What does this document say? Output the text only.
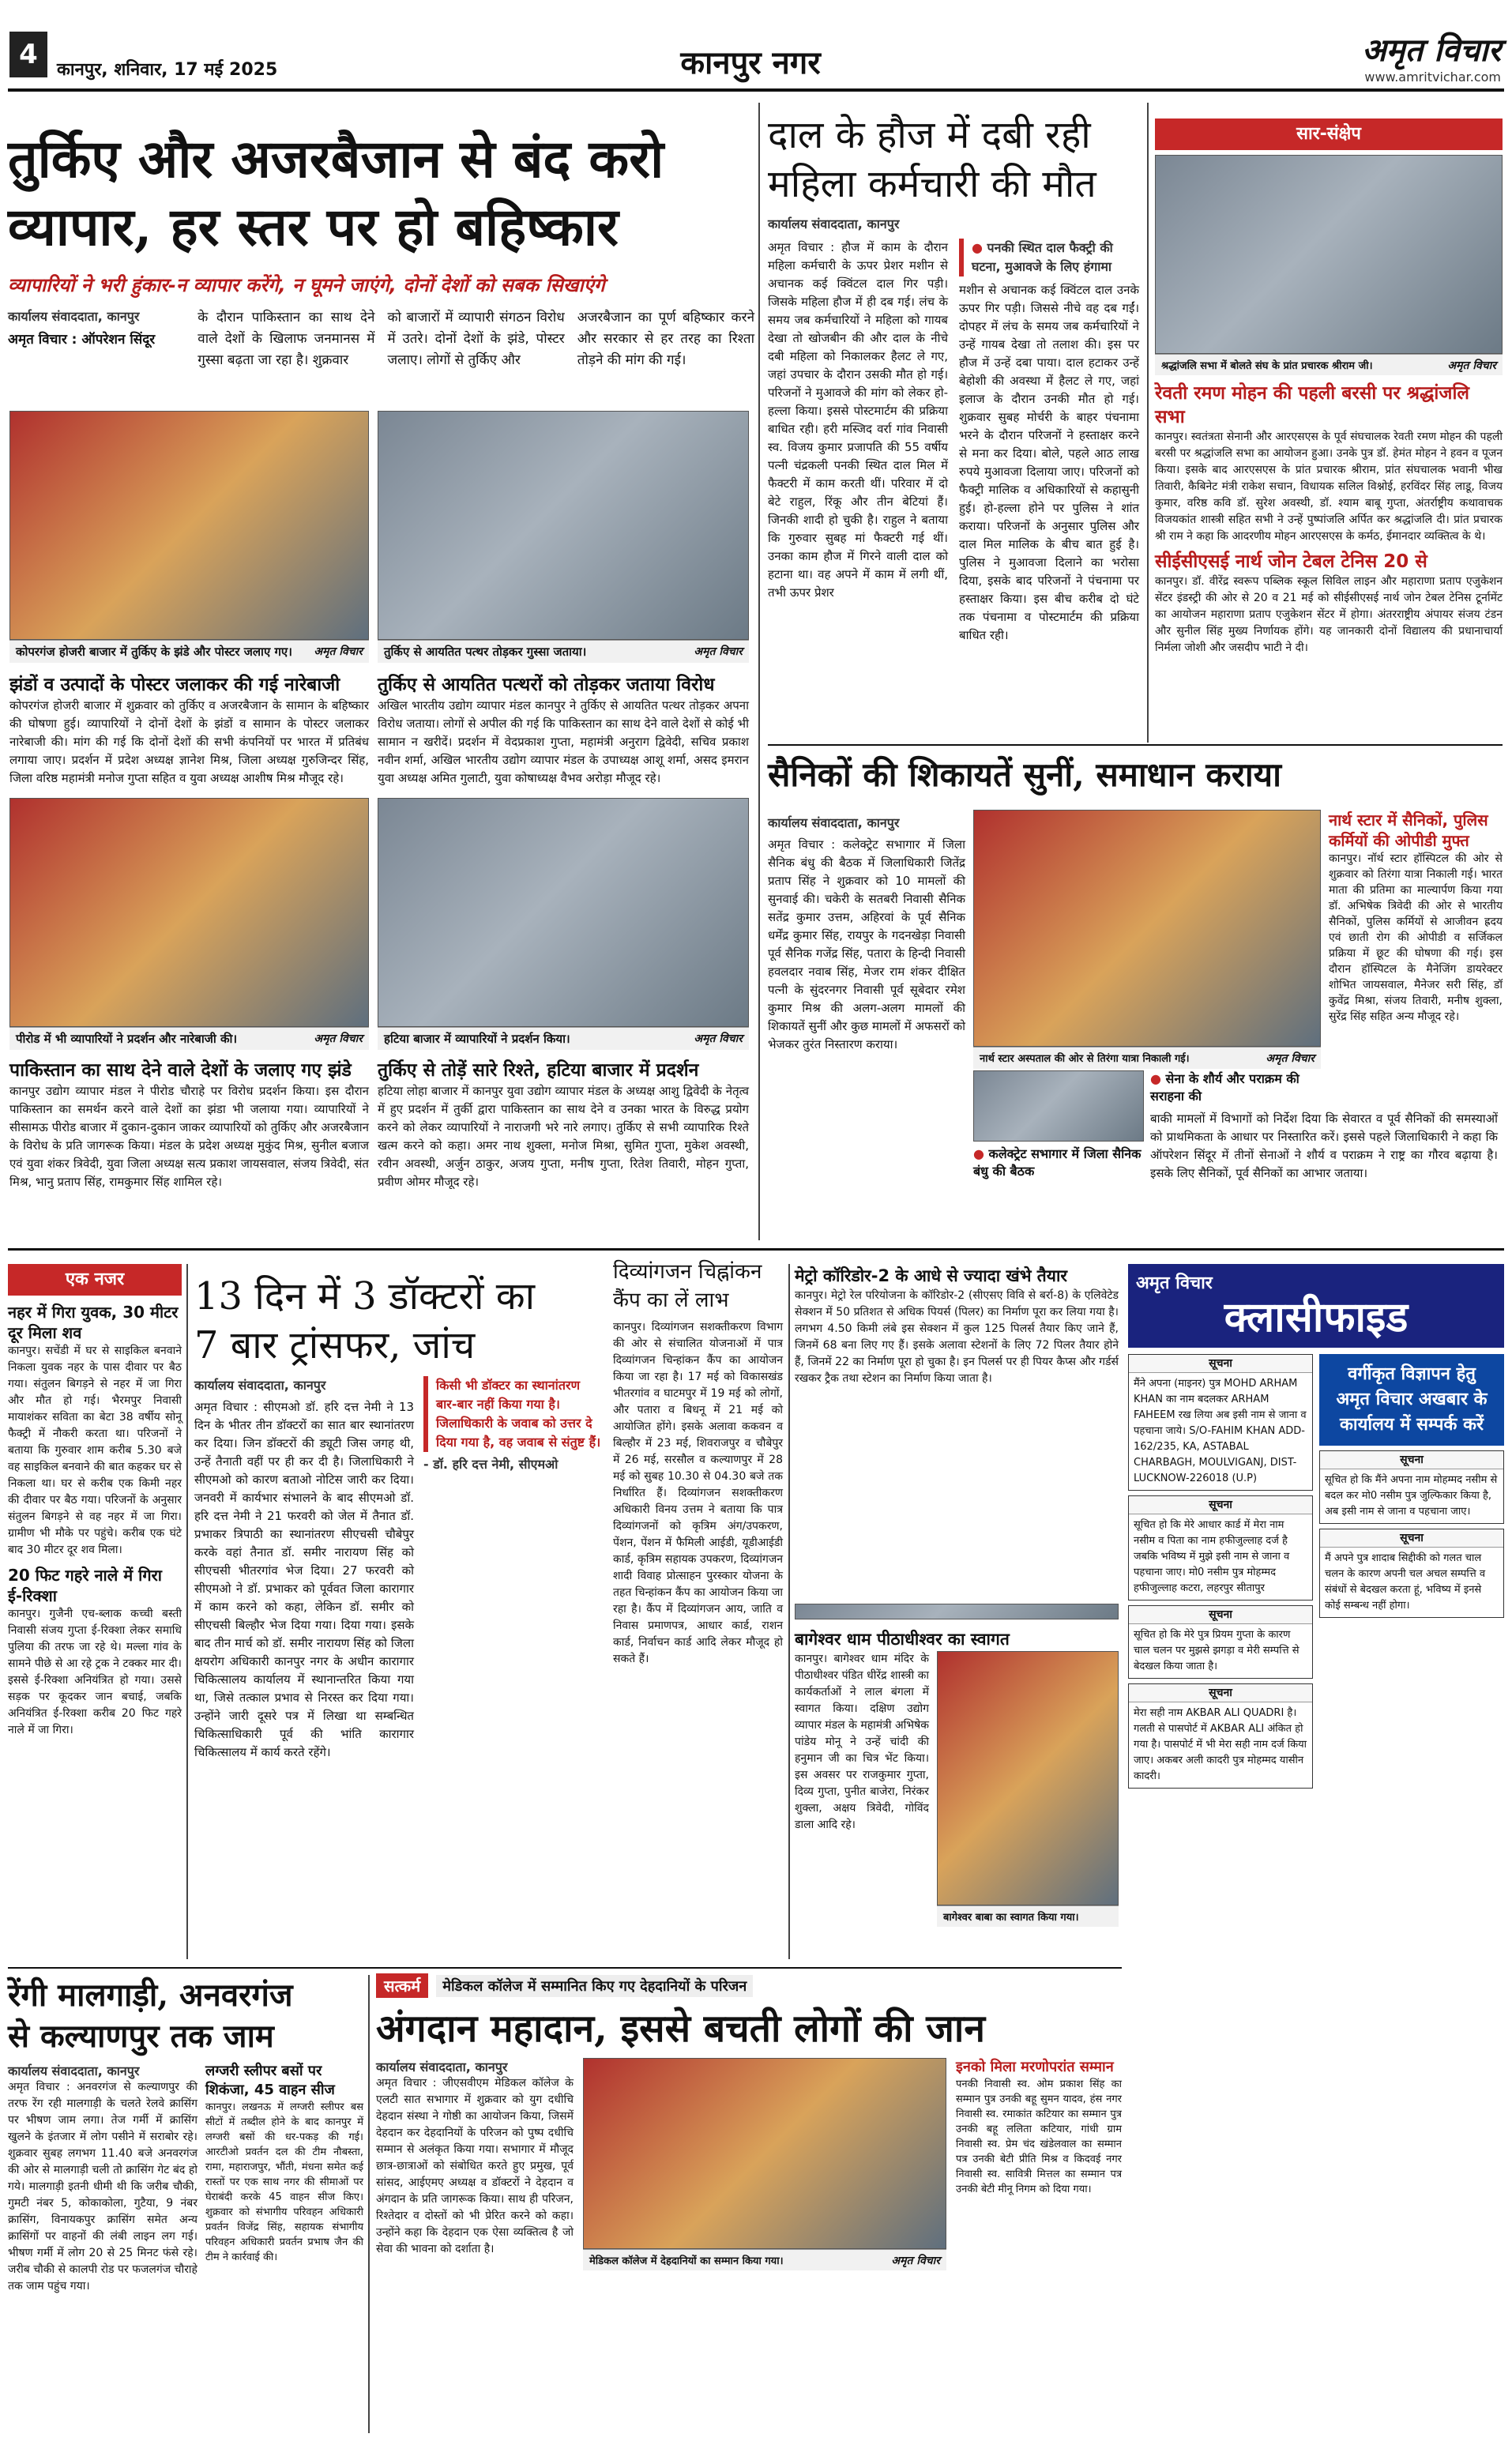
4	कानपुर, शनिवार, 17 मई 2025	कानपुर नगर	अमृत विचार
www.amritvichar.com
तुर्किए और अजरबैजान से बंद करो
व्यापार, हर स्तर पर हो बहिष्कार
व्यापारियों ने भरी हुंकार-न व्यापार करेंगे, न घूमने जाएंगे, दोनों देशों को सबक सिखाएंगे
कार्यालय संवाददाता, कानपुर
अमृत विचार : ऑपरेशन सिंदूर
के दौरान पाकिस्तान का साथ देने वाले देशों के खिलाफ जनमानस में गुस्सा बढ़ता जा रहा है। शुक्रवार
को बाजारों में व्यापारी संगठन विरोध में उतरे। दोनों देशों के झंडे, पोस्टर जलाए। लोगों से तुर्किए और
अजरबैजान का पूर्ण बहिष्कार करने और सरकार से हर तरह का रिश्ता तोड़ने की मांग की गई।
अमृत विचार
कोपरगंज होजरी बाजार में तुर्किए के झंडे और पोस्टर जलाए गए।	अमृत विचार
तुर्किए से आयतित पत्थर तोड़कर गुस्सा जताया।
झंडों व उत्पादों के पोस्टर जलाकर की गई नारेबाजी
कोपरगंज होजरी बाजार में शुक्रवार को तुर्किए व अजरबैजान के सामान के बहिष्कार की घोषणा हुई। व्यापारियों ने दोनों देशों के झंडों व सामान के पोस्टर जलाकर नारेबाजी की। मांग की गई कि दोनों देशों की सभी कंपनियों पर भारत में प्रतिबंध लगाया जाए। प्रदर्शन में प्रदेश अध्यक्ष ज्ञानेश मिश्र, जिला अध्यक्ष गुरुजिन्दर सिंह, जिला वरिष्ठ महामंत्री मनोज गुप्ता सहित व युवा अध्यक्ष आशीष मिश्र मौजूद रहे।
तुर्किए से आयतित पत्थरों को तोड़कर जताया विरोध
अखिल भारतीय उद्योग व्यापार मंडल कानपुर ने तुर्किए से आयतित पत्थर तोड़कर अपना विरोध जताया। लोगों से अपील की गई कि पाकिस्तान का साथ देने वाले देशों से कोई भी सामान न खरीदें। प्रदर्शन में वेदप्रकाश गुप्ता, महामंत्री अनुराग द्विवेदी, सचिव प्रकाश नवीन शर्मा, अखिल भारतीय उद्योग व्यापार मंडल के उपाध्यक्ष आशू शर्मा, असद इमरान युवा अध्यक्ष अमित गुलाटी, युवा कोषाध्यक्ष वैभव अरोड़ा मौजूद रहे।
अमृत विचार
पीरोड में भी व्यापारियों ने प्रदर्शन और नारेबाजी की।	अमृत विचार
हटिया बाजार में व्यापारियों ने प्रदर्शन किया।
पाकिस्तान का साथ देने वाले देशों के जलाए गए झंडे
कानपुर उद्योग व्यापार मंडल ने पीरोड चौराहे पर विरोध प्रदर्शन किया। इस दौरान पाकिस्तान का समर्थन करने वाले देशों का झंडा भी जलाया गया। व्यापारियों ने सीसामऊ पीरोड बाजार में दुकान-दुकान जाकर व्यापारियों को तुर्किए और अजरबैजान के विरोध के प्रति जागरूक किया। मंडल के प्रदेश अध्यक्ष मुकुंद मिश्र, सुनील बजाज एवं युवा शंकर त्रिवेदी, युवा जिला अध्यक्ष सत्य प्रकाश जायसवाल, संजय त्रिवेदी, संत मिश्र, भानु प्रताप सिंह, रामकुमार सिंह शामिल रहे।
तुर्किए से तोड़ें सारे रिश्ते, हटिया बाजार में प्रदर्शन
हटिया लोहा बाजार में कानपुर युवा उद्योग व्यापार मंडल के अध्यक्ष आशु द्विवेदी के नेतृत्व में हुए प्रदर्शन में तुर्की द्वारा पाकिस्तान का साथ देने व उनका भारत के विरुद्ध प्रयोग करने को लेकर व्यापारियों ने नाराजगी भरे नारे लगाए। तुर्किए से सभी व्यापारिक रिश्ते खत्म करने को कहा। अमर नाथ शुक्ला, मनोज मिश्रा, सुमित गुप्ता, मुकेश अवस्थी, रवीन अवस्थी, अर्जुन ठाकुर, अजय गुप्ता, मनीष गुप्ता, रितेश तिवारी, मोहन गुप्ता, प्रवीण ओमर मौजूद रहे।
दाल के हौज में दबी रही
महिला कर्मचारी की मौत
कार्यालय संवाददाता, कानपुर
अमृत विचार : हौज में काम के दौरान महिला कर्मचारी के ऊपर प्रेशर मशीन से अचानक कई क्विंटल दाल गिर पड़ी। जिसके महिला हौज में ही दब गई। लंच के समय जब कर्मचारियों ने महिला को गायब देखा तो खोजबीन की और दाल के नीचे दबी महिला को निकालकर हैलट ले गए, जहां उपचार के दौरान उसकी मौत हो गई। परिजनों ने मुआवजे की मांग को लेकर हो-हल्ला किया। इससे पोस्टमार्टम की प्रक्रिया बाधित रही। हरी मस्जिद वर्रा गांव निवासी स्व. विजय कुमार प्रजापति की 55 वर्षीय पत्नी चंद्रकली पनकी स्थित दाल मिल में फैक्टरी में काम करती थीं। परिवार में दो बेटे राहुल, रिंकू और तीन बेटियां हैं। जिनकी शादी हो चुकी है। राहुल ने बताया कि गुरुवार सुबह मां फैक्टरी गई थीं। उनका काम हौज में गिरने वाली दाल को हटाना था। वह अपने में काम में लगी थीं, तभी ऊपर प्रेशर
● पनकी स्थित दाल फैक्ट्री की घटना, मुआवजे के लिए हंगामा
मशीन से अचानक कई क्विंटल दाल उनके ऊपर गिर पड़ी। जिससे नीचे वह दब गईं। दोपहर में लंच के समय जब कर्मचारियों ने उन्हें गायब देखा तो तलाश की। इस पर हौज में उन्हें दबा पाया। दाल हटाकर उन्हें बेहोशी की अवस्था में हैलट ले गए, जहां इलाज के दौरान उनकी मौत हो गई। शुक्रवार सुबह मोर्चरी के बाहर पंचनामा भरने के दौरान परिजनों ने हस्ताक्षर करने से मना कर दिया। बोले, पहले आठ लाख रुपये मुआवजा दिलाया जाए। परिजनों को फैक्ट्री मालिक व अधिकारियों से कहासुनी हुई। हो-हल्ला होने पर पुलिस ने शांत कराया। परिजनों के अनुसार पुलिस और दाल मिल मालिक के बीच बात हुई है। पुलिस ने मुआवजा दिलाने का भरोसा दिया, इसके बाद परिजनों ने पंचनामा पर हस्ताक्षर किया। इस बीच करीब दो घंटे तक पंचनामा व पोस्टमार्टम की प्रक्रिया बाधित रही।
सार-संक्षेप
अमृत विचार
श्रद्धांजलि सभा में बोलते संघ के प्रांत प्रचारक श्रीराम जी।
रेवती रमण मोहन की पहली बरसी पर श्रद्धांजलि सभा
कानपुर। स्वतंत्रता सेनानी और आरएसएस के पूर्व संघचालक रेवती रमण मोहन की पहली बरसी पर श्रद्धांजलि सभा का आयोजन हुआ। उनके पुत्र डॉ. हेमंत मोहन ने हवन व पूजन किया। इसके बाद आरएसएस के प्रांत प्रचारक श्रीराम, प्रांत संघचालक भवानी भीख तिवारी, कैबिनेट मंत्री राकेश सचान, विधायक सलिल विश्नोई, हरविंदर सिंह लाडू, विजय कुमार, वरिष्ठ कवि डॉ. सुरेश अवस्थी, डॉ. श्याम बाबू गुप्ता, अंतर्राष्ट्रीय कथावाचक विजयकांत शास्त्री सहित सभी ने उन्हें पुष्पांजलि अर्पित कर श्रद्धांजलि दी। प्रांत प्रचारक श्री राम ने कहा कि आदरणीय मोहन आरएसएस के कर्मठ, ईमानदार व्यक्तित्व के थे।
सीईसीएसई नार्थ जोन टेबल टेनिस 20 से
कानपुर। डॉ. वीरेंद्र स्वरूप पब्लिक स्कूल सिविल लाइन और महाराणा प्रताप एजुकेशन सेंटर इंडस्ट्री की ओर से 20 व 21 मई को सीईसीएसई नार्थ जोन टेबल टेनिस टूर्नामेंट का आयोजन महाराणा प्रताप एजुकेशन सेंटर में होगा। अंतरराष्ट्रीय अंपायर संजय टंडन और सुनील सिंह मुख्य निर्णायक होंगे। यह जानकारी दोनों विद्यालय की प्रधानाचार्या निर्मला जोशी और जसदीप भाटी ने दी।
सैनिकों की शिकायतें सुनीं, समाधान कराया
कार्यालय संवाददाता, कानपुर
अमृत विचार : कलेक्ट्रेट सभागार में जिला सैनिक बंधु की बैठक में जिलाधिकारी जितेंद्र प्रताप सिंह ने शुक्रवार को 10 मामलों की सुनवाई की। चकेरी के सतबरी निवासी सैनिक सतेंद्र कुमार उत्तम, अहिरवां के पूर्व सैनिक धर्मेंद्र कुमार सिंह, रायपुर के गदनखेड़ा निवासी पूर्व सैनिक गजेंद्र सिंह, पतारा के हिन्दी निवासी हवलदार नवाब सिंह, मेजर राम शंकर दीक्षित पत्नी के सुंदरनगर निवासी पूर्व सूबेदार रमेश कुमार मिश्र की अलग-अलग मामलों की शिकायतें सुनीं और कुछ मामलों में अफसरों को भेजकर तुरंत निस्तारण कराया।
अमृत विचार
नार्थ स्टार अस्पताल की ओर से तिरंगा यात्रा निकाली गई।
● कलेक्ट्रेट सभागार में जिला सैनिक बंधु की बैठक
● सेना के शौर्य और पराक्रम की सराहना की
बाकी मामलों में विभागों को निर्देश दिया कि सेवारत व पूर्व सैनिकों की समस्याओं को प्राथमिकता के आधार पर निस्तारित करें। इससे पहले जिलाधिकारी ने कहा कि ऑपरेशन सिंदूर में तीनों सेनाओं ने शौर्य व पराक्रम ने राष्ट्र का गौरव बढ़ाया है। इसके लिए सैनिकों, पूर्व सैनिकों का आभार जताया।
नार्थ स्टार में सैनिकों, पुलिस कर्मियों की ओपीडी मुफ्त
कानपुर। नॉर्थ स्टार हॉस्पिटल की ओर से शुक्रवार को तिरंगा यात्रा निकाली गई। भारत माता की प्रतिमा का माल्यार्पण किया गया डॉ. अभिषेक त्रिवेदी की ओर से भारतीय सैनिकों, पुलिस कर्मियों से आजीवन ह्रदय एवं छाती रोग की ओपीडी व सर्जिकल प्रक्रिया में छूट की घोषणा की गई। इस दौरान हॉस्पिटल के मैनेजिंग डायरेक्टर शोभित जायसवाल, मैनेजर सरी सिंह, डॉ कुवेंद्र मिश्रा, संजय तिवारी, मनीष शुक्ला, सुरेंद्र सिंह सहित अन्य मौजूद रहे।
एक नजर
नहर में गिरा युवक, 30 मीटर दूर मिला शव
कानपुर। सचेंडी में घर से साइकिल बनवाने निकला युवक नहर के पास दीवार पर बैठ गया। संतुलन बिगड़ने से नहर में जा गिरा और मौत हो गई। भैरमपुर निवासी मायाशंकर सविता का बेटा 38 वर्षीय सोनू फैक्ट्री में नौकरी करता था। परिजनों ने बताया कि गुरुवार शाम करीब 5.30 बजे वह साइकिल बनवाने की बात कहकर घर से निकला था। घर से करीब एक किमी नहर की दीवार पर बैठ गया। परिजनों के अनुसार संतुलन बिगड़ने से वह नहर में जा गिरा। ग्रामीण भी मौके पर पहुंचे। करीब एक घंटे बाद 30 मीटर दूर शव मिला।
20 फिट गहरे नाले में गिरा ई-रिक्शा
कानपुर। गुजैनी एच-ब्लाक कच्ची बस्ती निवासी संजय गुप्ता ई-रिक्शा लेकर समाधि पुलिया की तरफ जा रहे थे। मल्ला गांव के सामने पीछे से आ रहे ट्रक ने टक्कर मार दी। इससे ई-रिक्शा अनियंत्रित हो गया। उससे सड़क पर कूदकर जान बचाई, जबकि अनियंत्रित ई-रिक्शा करीब 20 फिट गहरे नाले में जा गिरा।
13 दिन में 3 डॉक्टरों का
7 बार ट्रांसफर, जांच
कार्यालय संवाददाता, कानपुर
अमृत विचार : सीएमओ डॉ. हरि दत्त नेमी ने 13 दिन के भीतर तीन डॉक्टरों का सात बार स्थानांतरण कर दिया। जिन डॉक्टरों की ड्यूटी जिस जगह थी, उन्हें तैनाती वहीं पर ही कर दी है। जिलाधिकारी ने सीएमओ को कारण बताओ नोटिस जारी कर दिया। जनवरी में कार्यभार संभालने के बाद सीएमओ डॉ. हरि दत्त नेमी ने 21 फरवरी को जेल में तैनात डॉ. प्रभाकर त्रिपाठी का स्थानांतरण सीएचसी चौबेपुर करके वहां तैनात डॉ. समीर नारायण सिंह को सीएचसी भीतरगांव भेज दिया। 27 फरवरी को सीएमओ ने डॉ. प्रभाकर को पूर्ववत जिला कारागार में काम करने को कहा, लेकिन डॉ. समीर को सीएचसी बिल्हौर भेज दिया गया। दिया गया। इसके बाद तीन मार्च को डॉ. समीर नारायण सिंह को जिला क्षयरोग अधिकारी कानपुर नगर के अधीन कारागार चिकित्सालय कार्यालय में स्थानान्तरित किया गया था, जिसे तत्काल प्रभाव से निरस्त कर दिया गया। उन्होंने जारी दूसरे पत्र में लिखा था सम्बन्धित चिकित्साधिकारी पूर्व की भांति कारागार चिकित्सालय में कार्य करते रहेंगे।
किसी भी डॉक्टर का स्थानांतरण बार-बार नहीं किया गया है। जिलाधिकारी के जवाब को उत्तर दे दिया गया है, वह जवाब से संतुष्ट हैं।
- डॉ. हरि दत्त नेमी, सीएमओ
दिव्यांगजन चिह्नांकन
कैंप का लें लाभ
कानपुर। दिव्यांगजन सशक्तीकरण विभाग की ओर से संचालित योजनाओं में पात्र दिव्यांगजन चिन्हांकन कैंप का आयोजन किया जा रहा है। 17 मई को विकासखंड भीतरगांव व घाटमपुर में 19 मई को लोगों, और पतारा व बिधनू में 21 मई को आयोजित होंगे। इसके अलावा ककवन व बिल्हौर में 23 मई, शिवराजपुर व चौबेपुर में 26 मई, सरसौल व कल्याणपुर में 28 मई को सुबह 10.30 से 04.30 बजे तक निर्धारित हैं। दिव्यांगजन सशक्तीकरण अधिकारी विनय उत्तम ने बताया कि पात्र दिव्यांगजनों को कृत्रिम अंग/उपकरण, पेंशन, पेंशन में फैमिली आईडी, यूडीआईडी कार्ड, कृत्रिम सहायक उपकरण, दिव्यांगजन शादी विवाह प्रोत्साहन पुरस्कार योजना के तहत चिन्हांकन कैंप का आयोजन किया जा रहा है। कैंप में दिव्यांगजन आय, जाति व निवास प्रमाणपत्र, आधार कार्ड, राशन कार्ड, निर्वाचन कार्ड आदि लेकर मौजूद हो सकते हैं।
मेट्रो कॉरिडोर-2 के आधे से ज्यादा खंभे तैयार
कानपुर। मेट्रो रेल परियोजना के कॉरिडोर-2 (सीएसए विवि से बर्रा-8) के एलिवेटेड सेक्शन में 50 प्रतिशत से अधिक पियर्स (पिलर) का निर्माण पूरा कर लिया गया है। लगभग 4.50 किमी लंबे इस सेक्शन में कुल 125 पिलर्स तैयार किए जाने हैं, जिनमें 68 बना लिए गए हैं। इसके अलावा स्टेशनों के लिए 72 पिलर तैयार होने हैं, जिनमें 22 का निर्माण पूरा हो चुका है। इन पिलर्स पर ही पियर कैप्स और गर्डर्स रखकर ट्रैक तथा स्टेशन का निर्माण किया जाता है।
बागेश्वर धाम पीठाधीश्वर का स्वागत
कानपुर। बागेश्वर धाम मंदिर के पीठाधीश्वर पंडित धीरेंद्र शास्त्री का कार्यकर्ताओं ने लाल बंगला में स्वागत किया। दक्षिण उद्योग व्यापार मंडल के महामंत्री अभिषेक पांडेय मोनू ने उन्हें चांदी की हनुमान जी का चित्र भेंट किया। इस अवसर पर राजकुमार गुप्ता, दिव्य गुप्ता, पुनीत बाजेरा, निरंकर शुक्ला, अक्षय त्रिवेदी, गोविंद डाला आदि रहे।
बागेश्वर बाबा का स्वागत किया गया।
अमृत विचार
क्लासीफाइड
सूचना
मैंने अपना (माइनर) पुत्र MOHD ARHAM KHAN का नाम बदलकर ARHAM FAHEEM रख लिया अब इसी नाम से जाना व पहचाना जाये। S/O-FAHIM KHAN ADD-162/235, KA, ASTABAL CHARBAGH, MOULVIGANJ, DIST-LUCKNOW-226018 (U.P)
सूचना
सूचित हो कि मेरे आधार कार्ड में मेरा नाम नसीम व पिता का नाम हफीजुल्लाह दर्ज है जबकि भविष्य में मुझे इसी नाम से जाना व पहचाना जाए। मो0 नसीम पुत्र मोहम्मद हफीजुल्लाह कटरा, लहरपुर सीतापुर
सूचना
सूचित हो कि मेरे पुत्र प्रियम गुप्ता के कारण चाल चलन पर मुझसे झगड़ा व मेरी सम्पत्ति से बेदखल किया जाता है।
सूचना
मेरा सही नाम AKBAR ALI QUADRI है। गलती से पासपोर्ट में AKBAR ALI अंकित हो गया है। पासपोर्ट में भी मेरा सही नाम दर्ज किया जाए। अकबर अली कादरी पुत्र मोहम्मद यासीन कादरी।
वर्गीकृत विज्ञापन हेतु
अमृत विचार अखबार के
कार्यालय में सम्पर्क करें
सूचना
सूचित हो कि मैंने अपना नाम मोहम्मद नसीम से बदल कर मो0 नसीम पुत्र जुल्फिकार किया है, अब इसी नाम से जाना व पहचाना जाए।
सूचना
मैं अपने पुत्र शादाब सिद्दीकी को गलत चाल चलन के कारण अपनी चल अचल सम्पत्ति व संबंधों से बेदखल करता हूं, भविष्य में इनसे कोई सम्बन्ध नहीं होगा।
रेंगी मालगाड़ी, अनवरगंज
से कल्याणपुर तक जाम
कार्यालय संवाददाता, कानपुर
अमृत विचार : अनवरगंज से कल्याणपुर की तरफ रेंग रही मालगाड़ी के चलते रेलवे क्रासिंग पर भीषण जाम लगा। तेज गर्मी में क्रासिंग खुलने के इंतजार में लोग पसीने में सराबोर रहे। शुक्रवार सुबह लगभग 11.40 बजे अनवरगंज की ओर से मालगाड़ी चली तो क्रासिंग गेट बंद हो गये। मालगाड़ी इतनी धीमी थी कि जरीब चौकी, गुमटी नंबर 5, कोकाकोला, गुटैया, 9 नंबर क्रासिंग, विनायकपुर क्रासिंग समेत अन्य क्रासिंगों पर वाहनों की लंबी लाइन लग गई। भीषण गर्मी में लोग 20 से 25 मिनट फंसे रहे। जरीब चौकी से कालपी रोड पर फजलगंज चौराहे तक जाम पहुंच गया।
लग्जरी स्लीपर बसों पर शिकंजा, 45 वाहन सीज
कानपुर। लखनऊ में लग्जरी स्लीपर बस सीटों में तब्दील होने के बाद कानपुर में लग्जरी बसों की धर-पकड़ की गई। आरटीओ प्रवर्तन दल की टीम नौबस्ता, रामा, महाराजपुर, भौंती, मंधना समेत कई रास्तों पर एक साथ नगर की सीमाओं पर घेराबंदी करके 45 वाहन सीज किए। शुक्रवार को संभागीय परिवहन अधिकारी प्रवर्तन विजेंद्र सिंह, सहायक संभागीय परिवहन अधिकारी प्रवर्तन प्रभाष जैन की टीम ने कार्रवाई की।
सत्कर्म	मेडिकल कॉलेज में सम्मानित किए गए देहदानियों के परिजन
अंगदान महादान, इससे बचती लोगों की जान
कार्यालय संवाददाता, कानपुर
अमृत विचार : जीएसवीएम मेडिकल कॉलेज के एलटी सात सभागार में शुक्रवार को युग दधीचि देहदान संस्था ने गोष्ठी का आयोजन किया, जिसमें देहदान कर देहदानियों के परिजन को पुष्प दधीचि सम्मान से अलंकृत किया गया। सभागार में मौजूद छात्र-छात्राओं को संबोधित करते हुए प्रमुख, पूर्व सांसद, आईएमए अध्यक्ष व डॉक्टरों ने देहदान व अंगदान के प्रति जागरूक किया। साथ ही परिजन, रिश्तेदार व दोस्तों को भी प्रेरित करने को कहा। उन्होंने कहा कि देहदान एक ऐसा व्यक्तित्व है जो सेवा की भावना को दर्शाता है।
अमृत विचार
मेडिकल कॉलेज में देहदानियों का सम्मान किया गया।
इनको मिला मरणोपरांत सम्मान
पनकी निवासी स्व. ओम प्रकाश सिंह का सम्मान पुत्र उनकी बहू सुमन यादव, हंस नगर निवासी स्व. रमाकांत कटियार का सम्मान पुत्र उनकी बहू ललिता कटियार, गांधी ग्राम निवासी स्व. प्रेम चंद खंडेलवाल का सम्मान पत्र उनकी बेटी प्रीति मिश्र व किदवई नगर निवासी स्व. सावित्री मित्तल का सम्मान पत्र उनकी बेटी मीनू निगम को दिया गया।
